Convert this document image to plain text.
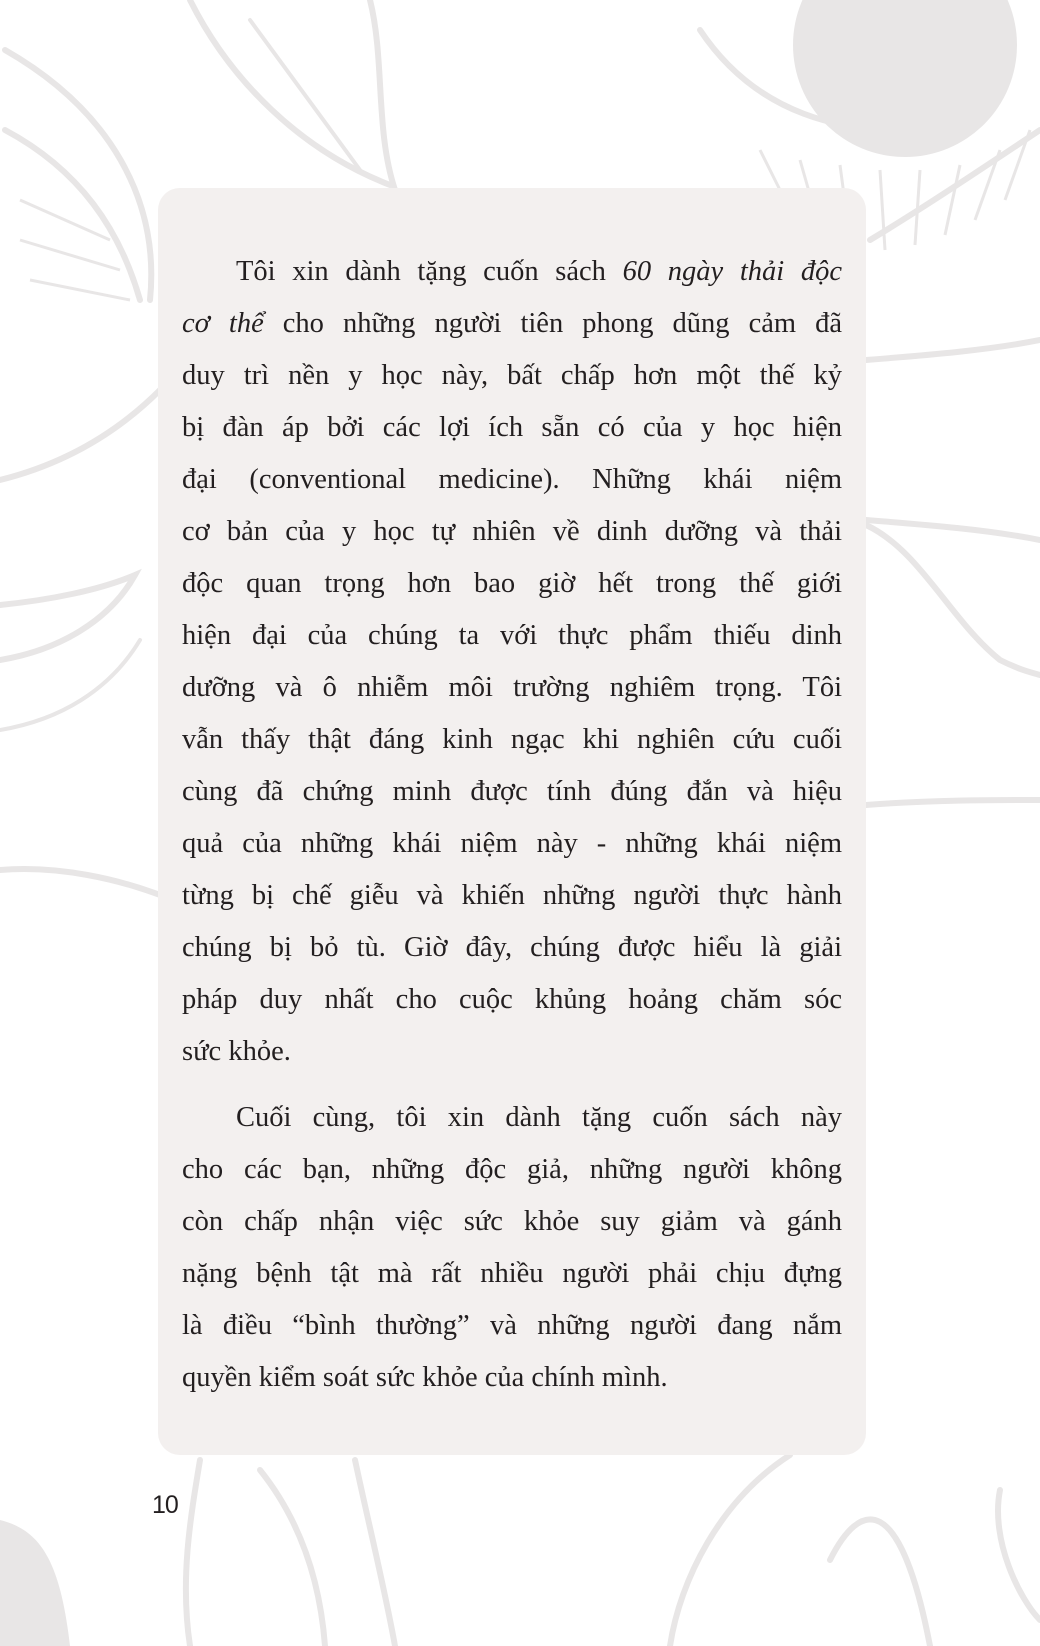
Tôi xin dành tặng cuốn sách 60 ngày thải độc
cơ thể cho những người tiên phong dũng cảm đã
duy trì nền y học này, bất chấp hơn một thế kỷ
bị đàn áp bởi các lợi ích sẵn có của y học hiện
đại (conventional medicine). Những khái niệm
cơ bản của y học tự nhiên về dinh dưỡng và thải
độc quan trọng hơn bao giờ hết trong thế giới
hiện đại của chúng ta với thực phẩm thiếu dinh
dưỡng và ô nhiễm môi trường nghiêm trọng. Tôi
vẫn thấy thật đáng kinh ngạc khi nghiên cứu cuối
cùng đã chứng minh được tính đúng đắn và hiệu
quả của những khái niệm này - những khái niệm
từng bị chế giễu và khiến những người thực hành
chúng bị bỏ tù. Giờ đây, chúng được hiểu là giải
pháp duy nhất cho cuộc khủng hoảng chăm sóc
sức khỏe.
Cuối cùng, tôi xin dành tặng cuốn sách này
cho các bạn, những độc giả, những người không
còn chấp nhận việc sức khỏe suy giảm và gánh
nặng bệnh tật mà rất nhiều người phải chịu đựng
là điều “bình thường” và những người đang nắm
quyền kiểm soát sức khỏe của chính mình.
10
